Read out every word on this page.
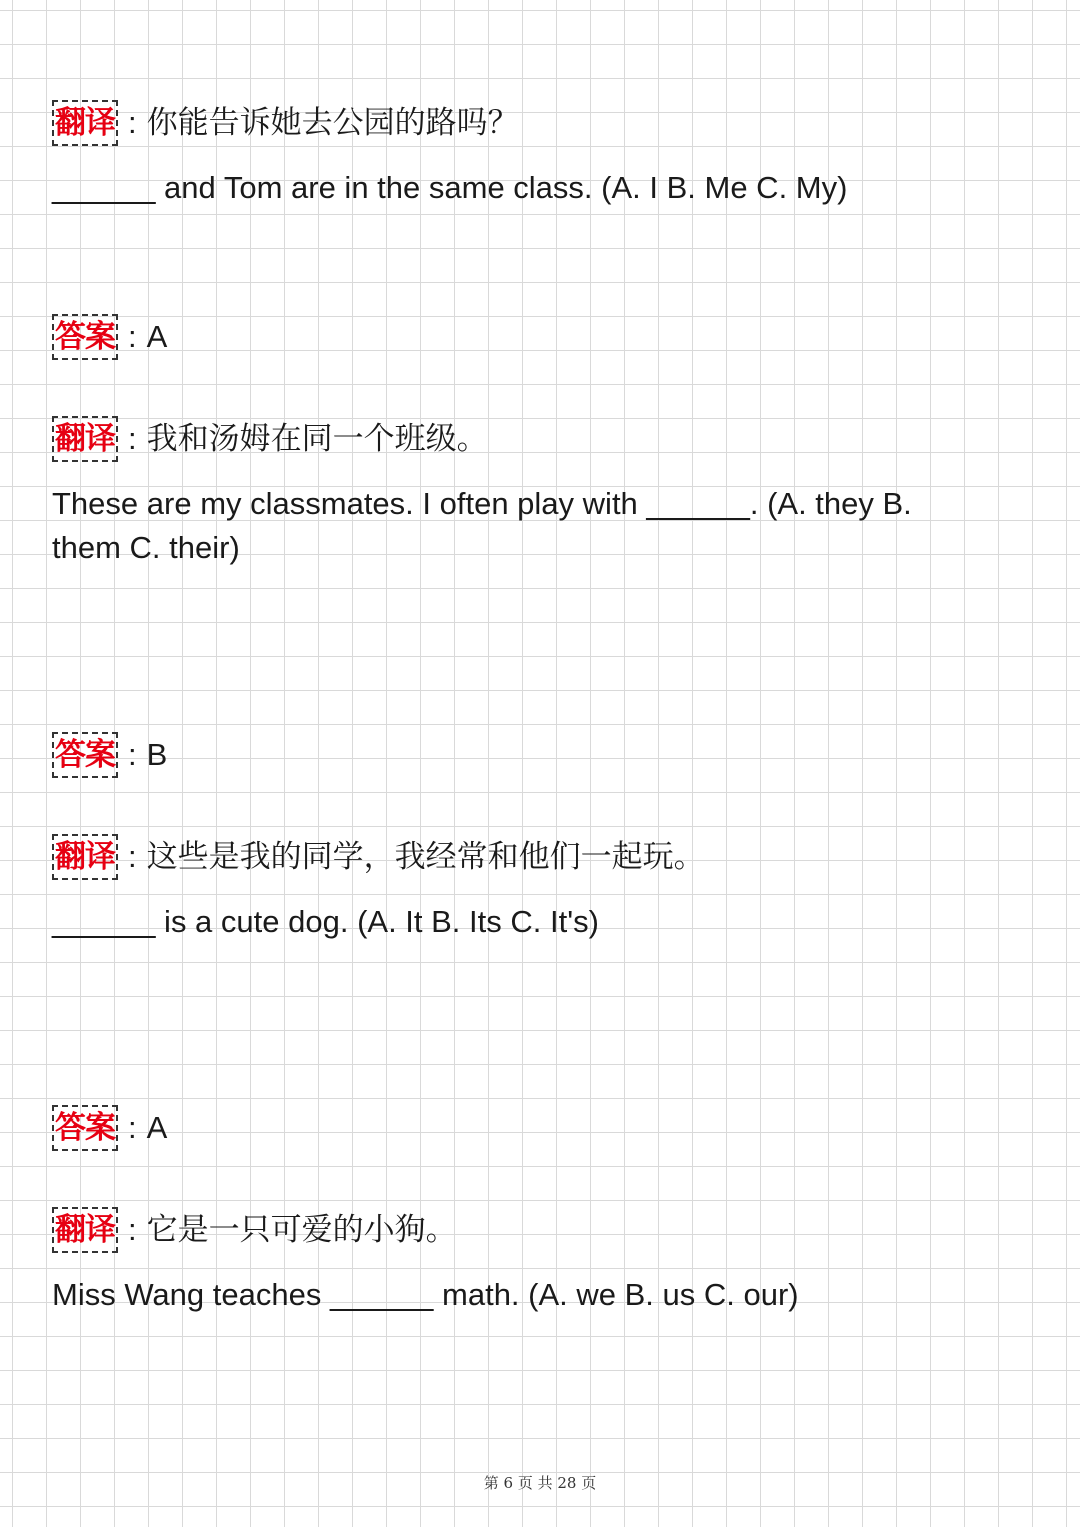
翻译 : 你能告诉她去公园的路吗？
______ and Tom are in the same class. (A. I B. Me C. My)
答案 : A
翻译 : 我和汤姆在同一个班级。
These are my classmates. I often play with ______. (A. they B. them C. their)
答案 : B
翻译 : 这些是我的同学，我经常和他们一起玩。
______ is a cute dog. (A. It B. Its C. It's)
答案 : A
翻译 : 它是一只可爱的小狗。
Miss Wang teaches ______ math. (A. we B. us C. our)
第 6 页 共 28 页
